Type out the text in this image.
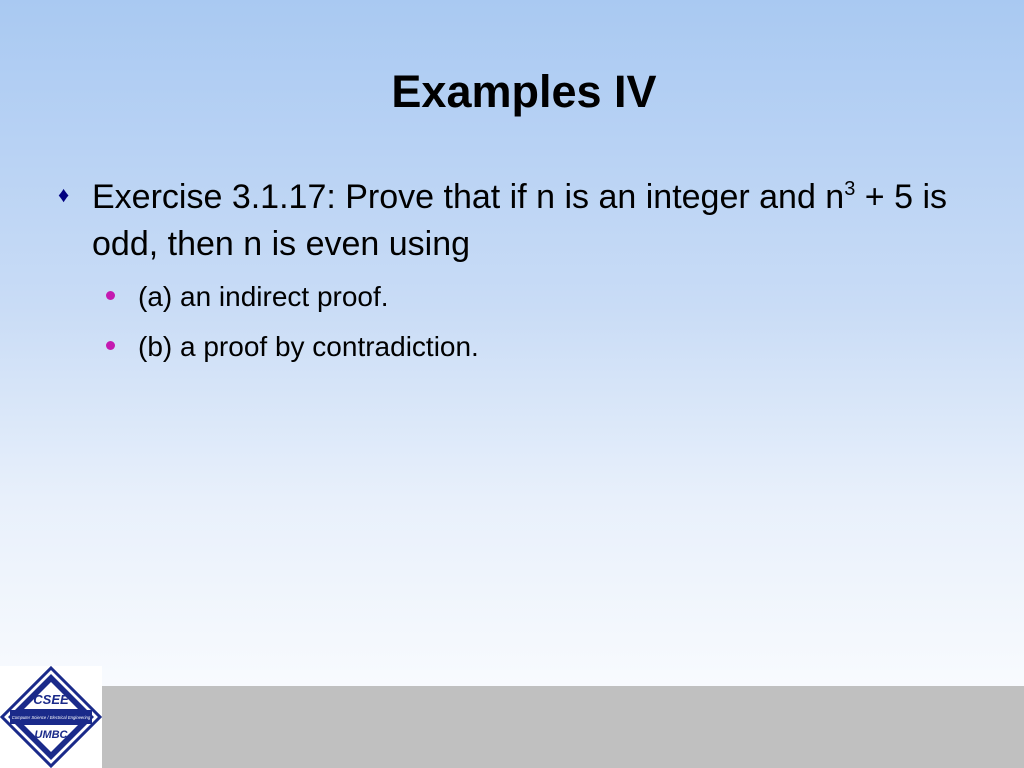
Examples IV
♦ Exercise 3.1.17: Prove that if n is an integer and $n^3 + 5$ is odd, then n is even using
(a) an indirect proof.
(b) a proof by contradiction.
CSEE
Computer Science / Electrical Engineering
UMBC
